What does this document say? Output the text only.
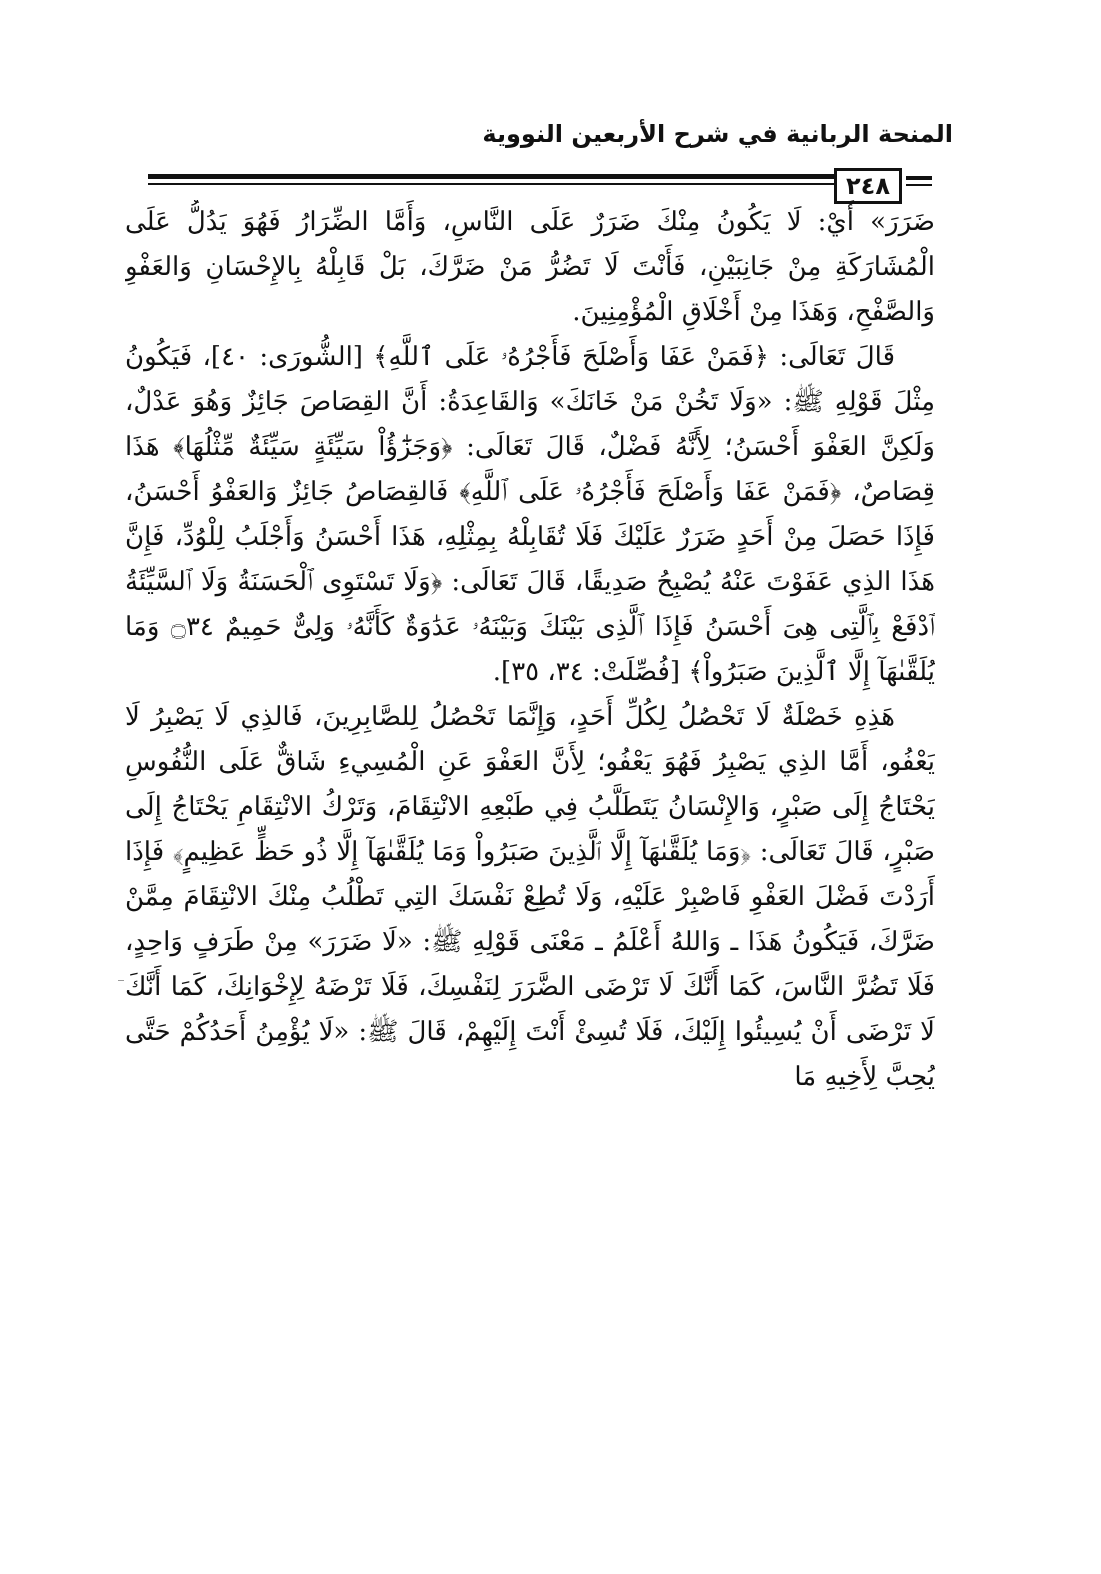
المنحة الربانية في شرح الأربعين النووية
٢٤٨

ضَرَرَ» أَيْ: لَا يَكُونُ مِنْكَ ضَرَرٌ عَلَى النَّاسِ، وَأَمَّا الضِّرَارُ فَهُوَ يَدُلُّ عَلَى الْمُشَارَكَةِ مِنْ جَانِبَيْنِ، فَأَنْتَ لَا تَضُرُّ مَنْ ضَرَّكَ، بَلْ قَابِلْهُ بِالإِحْسَانِ وَالعَفْوِ وَالصَّفْحِ، وَهَذَا مِنْ أَخْلَاقِ الْمُؤْمِنِينَ.

قَالَ تَعَالَى: ﴿فَمَنْ عَفَا وَأَصْلَحَ فَأَجْرُهُۥ عَلَى ٱللَّهِ﴾ [الشُّورَى: ٤٠]، فَيَكُونُ مِثْلَ قَوْلِهِ ﷺ: «وَلَا تَخُنْ مَنْ خَانَكَ» وَالقَاعِدَةُ: أَنَّ القِصَاصَ جَائِزٌ وَهُوَ عَدْلٌ، وَلَكِنَّ العَفْوَ أَحْسَنُ؛ لِأَنَّهُ فَضْلٌ، قَالَ تَعَالَى: ﴿وَجَزَٰٓؤُاْ سَيِّئَةٍ سَيِّئَةٌ مِّثْلُهَا﴾ هَذَا قِصَاصٌ، ﴿فَمَنْ عَفَا وَأَصْلَحَ فَأَجْرُهُۥ عَلَى ٱللَّهِ﴾ فَالقِصَاصُ جَائِزٌ وَالعَفْوُ أَحْسَنُ، فَإِذَا حَصَلَ مِنْ أَحَدٍ ضَرَرٌ عَلَيْكَ فَلَا تُقَابِلْهُ بِمِثْلِهِ، هَذَا أَحْسَنُ وَأَجْلَبُ لِلْوُدِّ، فَإِنَّ هَذَا الذِي عَفَوْتَ عَنْهُ يُصْبِحُ صَدِيقًا، قَالَ تَعَالَى: ﴿وَلَا تَسْتَوِى ٱلْحَسَنَةُ وَلَا ٱلسَّيِّئَةُ ٱدْفَعْ بِٱلَّتِى هِىَ أَحْسَنُ فَإِذَا ٱلَّذِى بَيْنَكَ وَبَيْنَهُۥ عَدَٰوَةٌ كَأَنَّهُۥ وَلِىٌّ حَمِيمٌ ۝٣٤ وَمَا يُلَقَّىٰهَآ إِلَّا ٱلَّذِينَ صَبَرُواْ﴾ [فُصِّلَتْ: ٣٤، ٣٥].

هَذِهِ خَصْلَةٌ لَا تَحْصُلُ لِكُلِّ أَحَدٍ، وَإِنَّمَا تَحْصُلُ لِلصَّابِرِينَ، فَالذِي لَا يَصْبِرُ لَا يَعْفُو، أَمَّا الذِي يَصْبِرُ فَهُوَ يَعْفُو؛ لِأَنَّ العَفْوَ عَنِ الْمُسِيءِ شَاقٌّ عَلَى النُّفُوسِ يَحْتَاجُ إِلَى صَبْرٍ، وَالإِنْسَانُ يَتَطَلَّبُ فِي طَبْعِهِ الانْتِقَامَ، وَتَرْكُ الانْتِقَامِ يَحْتَاجُ إِلَى صَبْرٍ، قَالَ تَعَالَى: ﴿وَمَا يُلَقَّىٰهَآ إِلَّا ٱلَّذِينَ صَبَرُواْ وَمَا يُلَقَّىٰهَآ إِلَّا ذُو حَظٍّ عَظِيمٍ﴾ فَإِذَا أَرَدْتَ فَضْلَ العَفْوِ فَاصْبِرْ عَلَيْهِ، وَلَا تُطِعْ نَفْسَكَ التِي تَطْلُبُ مِنْكَ الانْتِقَامَ مِمَّنْ ضَرَّكَ، فَيَكُونُ هَذَا ـ وَاللهُ أَعْلَمُ ـ مَعْنَى قَوْلِهِ ﷺ: «لَا ضَرَرَ» مِنْ طَرَفٍ وَاحِدٍ، فَلَا تَضُرَّ النَّاسَ، كَمَا أَنَّكَ لَا تَرْضَى الضَّرَرَ لِنَفْسِكَ، فَلَا تَرْضَهُ لِإِخْوَانِكَ، كَمَا أَنَّكَ لَا تَرْضَى أَنْ يُسِيئُوا إِلَيْكَ، فَلَا تُسِئْ أَنْتَ إِلَيْهِمْ، قَالَ ﷺ: «لَا يُؤْمِنُ أَحَدُكُمْ حَتَّى يُحِبَّ لِأَخِيهِ مَا
